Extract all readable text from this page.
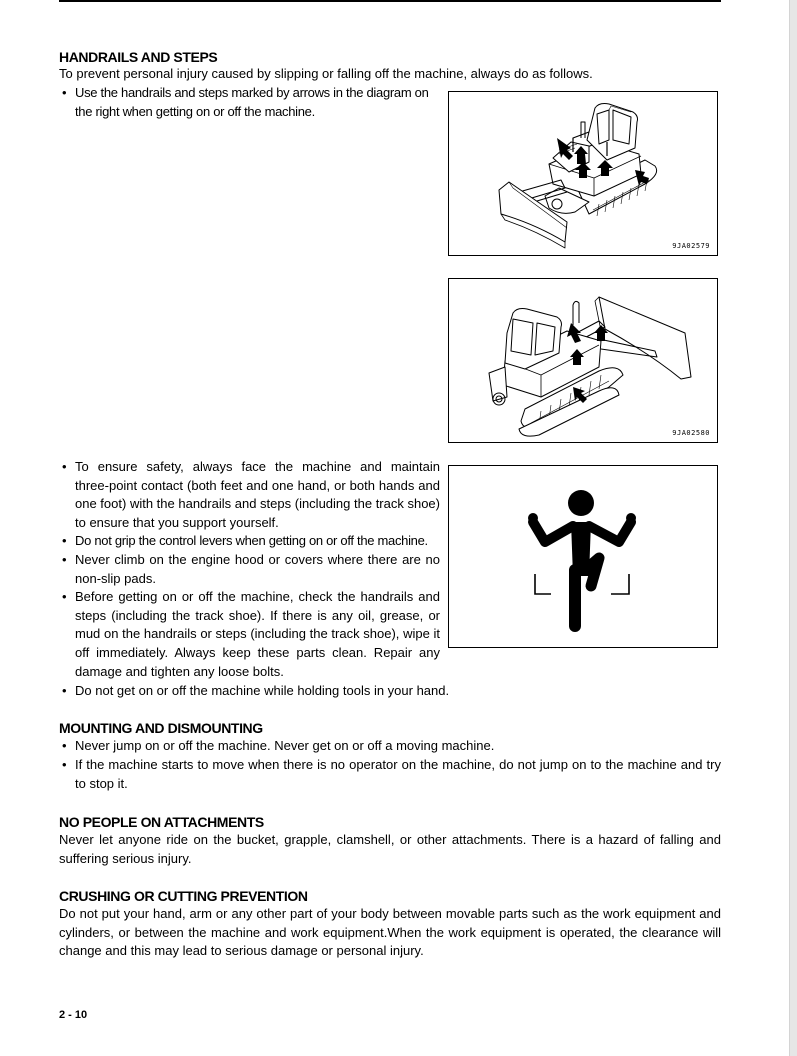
HANDRAILS AND STEPS
To prevent personal injury caused by slipping or falling off the machine, always do as follows.
• Use the handrails and steps marked by arrows in the diagram on
the right when getting on or off the machine.
9JA02579
9JA02580
• To ensure safety, always face the machine and maintain
three-point contact (both feet and one hand, or both hands and
one foot) with the handrails and steps (including the track shoe)
to ensure that you support yourself.
• Do not grip the control levers when getting on or off the machine.
• Never climb on the engine hood or covers where there are no
non-slip pads.
• Before getting on or off the machine, check the handrails and
steps (including the track shoe). If there is any oil, grease, or
mud on the handrails or steps (including the track shoe), wipe it
off immediately. Always keep these parts clean. Repair any
damage and tighten any loose bolts.
• Do not get on or off the machine while holding tools in your hand.
MOUNTING AND DISMOUNTING
• Never jump on or off the machine. Never get on or off a moving machine.
• If the machine starts to move when there is no operator on the machine, do not jump on to the machine and try
to stop it.
NO PEOPLE ON ATTACHMENTS
Never let anyone ride on the bucket, grapple, clamshell, or other attachments. There is a hazard of falling and
suffering serious injury.
CRUSHING OR CUTTING PREVENTION
Do not put your hand, arm or any other part of your body between movable parts such as the work equipment and
cylinders, or between the machine and work equipment.When the work equipment is operated, the clearance will
change and this may lead to serious damage or personal injury.
2 - 10
